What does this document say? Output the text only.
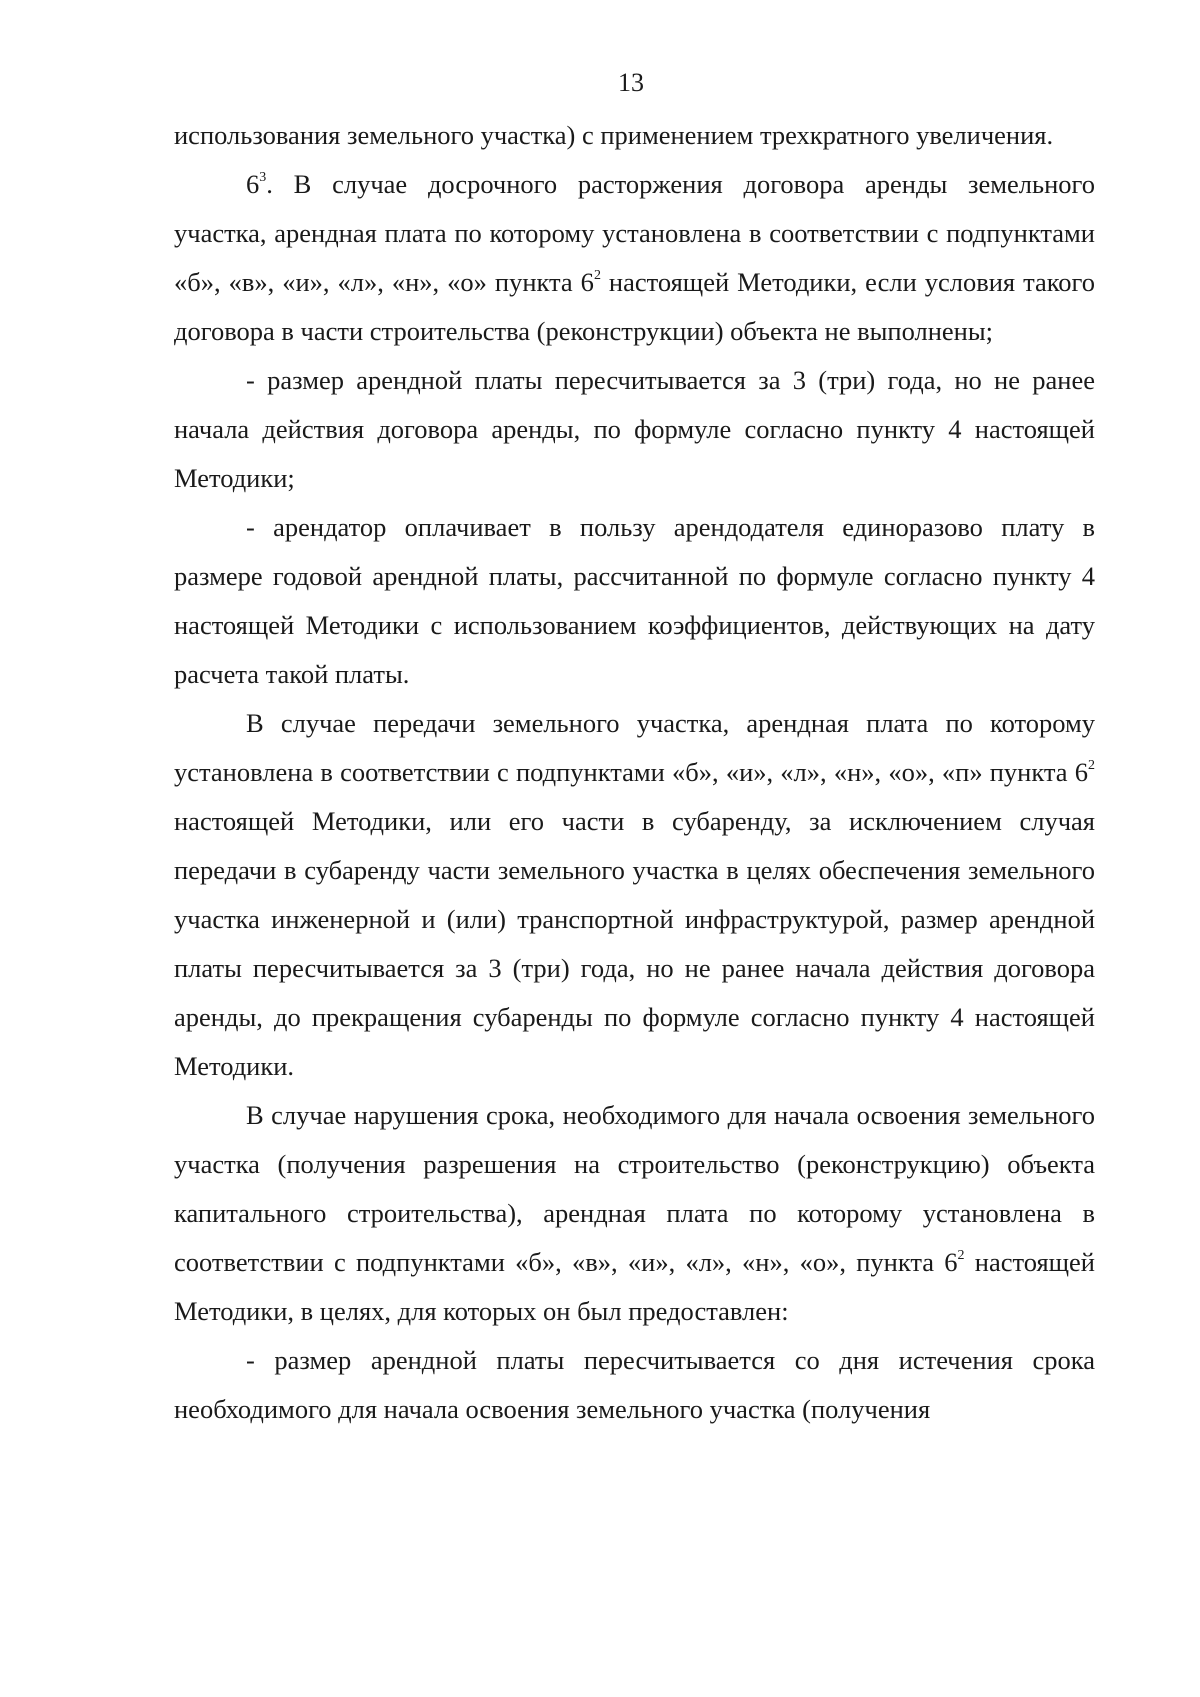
13

использования земельного участка) с применением трехкратного увеличения.

$6^3$. В случае досрочного расторжения договора аренды земельного участка, арендная плата по которому установлена в соответствии с подпунктами «б», «в», «и», «л», «н», «о» пункта $6^2$ настоящей Методики, если условия такого договора в части строительства (реконструкции) объекта не выполнены;

- размер арендной платы пересчитывается за 3 (три) года, но не ранее начала действия договора аренды, по формуле согласно пункту 4 настоящей Методики;

- арендатор оплачивает в пользу арендодателя единоразово плату в размере годовой арендной платы, рассчитанной по формуле согласно пункту 4 настоящей Методики с использованием коэффициентов, действующих на дату расчета такой платы.

В случае передачи земельного участка, арендная плата по которому установлена в соответствии с подпунктами «б», «и», «л», «н», «о», «п» пункта $6^2$ настоящей Методики, или его части в субаренду, за исключением случая передачи в субаренду части земельного участка в целях обеспечения земельного участка инженерной и (или) транспортной инфраструктурой, размер арендной платы пересчитывается за 3 (три) года, но не ранее начала действия договора аренды, до прекращения субаренды по формуле согласно пункту 4 настоящей Методики.

В случае нарушения срока, необходимого для начала освоения земельного участка (получения разрешения на строительство (реконструкцию) объекта капитального строительства), арендная плата по которому установлена в соответствии с подпунктами «б», «в», «и», «л», «н», «о», пункта $6^2$ настоящей Методики, в целях, для которых он был предоставлен:

- размер арендной платы пересчитывается со дня истечения срока необходимого для начала освоения земельного участка (получения
